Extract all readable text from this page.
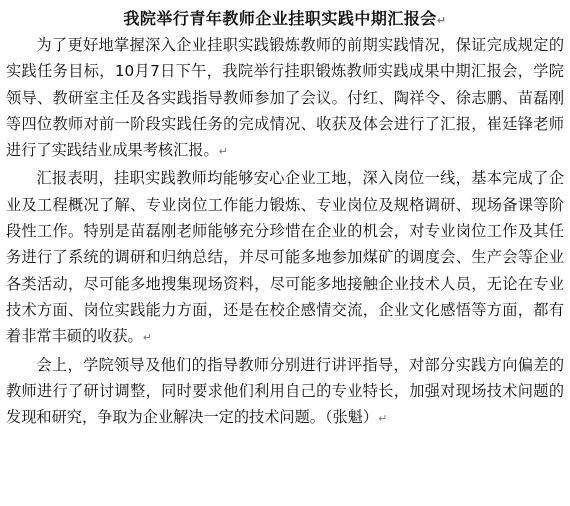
我院举行青年教师企业挂职实践中期汇报会↵

为了更好地掌握深入企业挂职实践锻炼教师的前期实践情况，保证完成规定的实践任务目标，10月7日下午，我院举行挂职锻炼教师实践成果中期汇报会，学院领导、教研室主任及各实践指导教师参加了会议。付红、陶祥令、徐志鹏、苗磊刚等四位教师对前一阶段实践任务的完成情况、收获及体会进行了汇报，崔廷锋老师进行了实践结业成果考核汇报。↵

汇报表明，挂职实践教师均能够安心企业工地，深入岗位一线，基本完成了企业及工程概况了解、专业岗位工作能力锻炼、专业岗位及规格调研、现场备课等阶段性工作。特别是苗磊刚老师能够充分珍惜在企业的机会，对专业岗位工作及其任务进行了系统的调研和归纳总结，并尽可能多地参加煤矿的调度会、生产会等企业各类活动，尽可能多地搜集现场资料，尽可能多地接触企业技术人员，无论在专业技术方面、岗位实践能力方面，还是在校企感情交流，企业文化感悟等方面，都有着非常丰硕的收获。↵

会上，学院领导及他们的指导教师分别进行讲评指导，对部分实践方向偏差的教师进行了研讨调整，同时要求他们利用自己的专业特长，加强对现场技术问题的发现和研究，争取为企业解决一定的技术问题。（张魁）↵
